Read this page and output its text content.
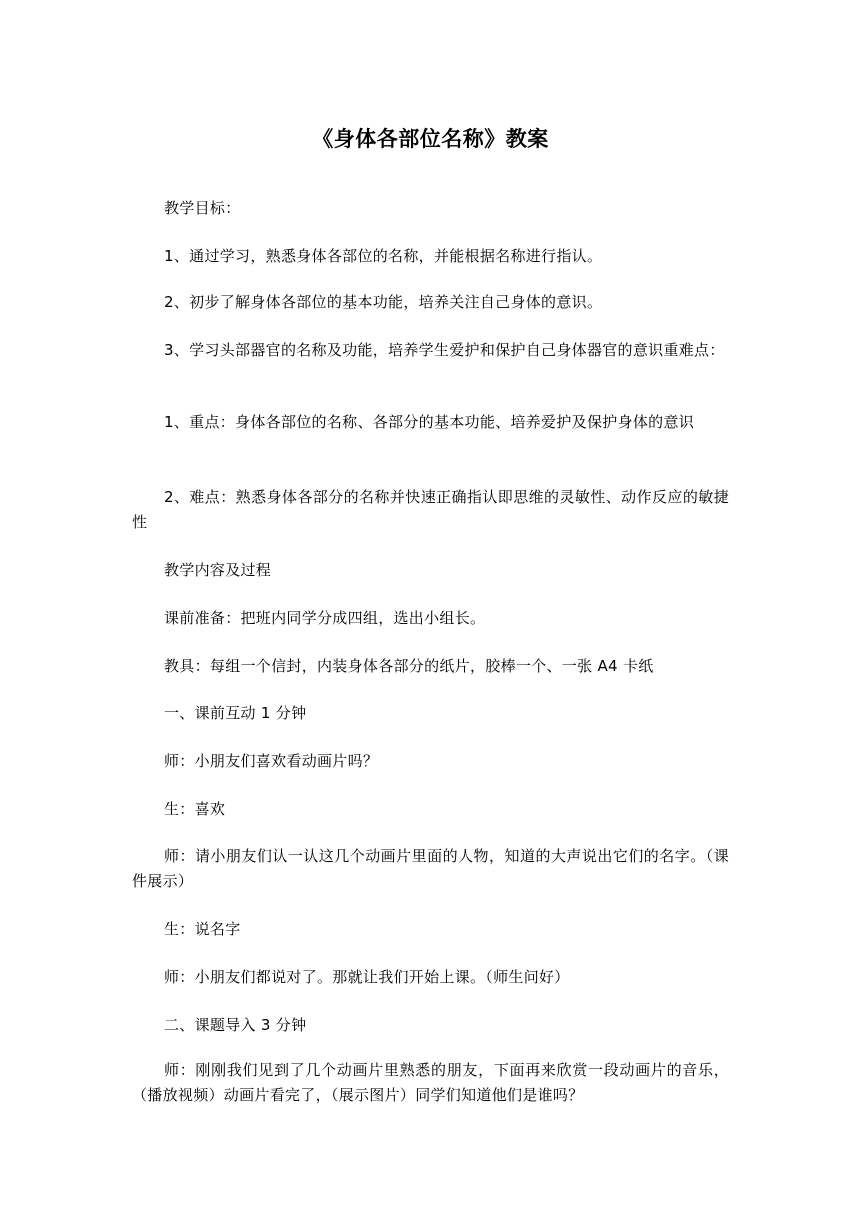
《身体各部位名称》教案

教学目标：

1、通过学习，熟悉身体各部位的名称，并能根据名称进行指认。

2、初步了解身体各部位的基本功能，培养关注自己身体的意识。

3、学习头部器官的名称及功能，培养学生爱护和保护自己身体器官的意识重难点：

1、重点：身体各部位的名称、各部分的基本功能、培养爱护及保护身体的意识

2、难点：熟悉身体各部分的名称并快速正确指认即思维的灵敏性、动作反应的敏捷性

教学内容及过程

课前准备：把班内同学分成四组，选出小组长。

教具：每组一个信封，内装身体各部分的纸片，胶棒一个、一张 A4 卡纸

一、课前互动 1 分钟

师：小朋友们喜欢看动画片吗？

生：喜欢

师：请小朋友们认一认这几个动画片里面的人物，知道的大声说出它们的名字。（课件展示）

生：说名字

师：小朋友们都说对了。那就让我们开始上课。（师生问好）

二、课题导入 3 分钟

师：刚刚我们见到了几个动画片里熟悉的朋友，下面再来欣赏一段动画片的音乐，（播放视频）动画片看完了，（展示图片）同学们知道他们是谁吗？
